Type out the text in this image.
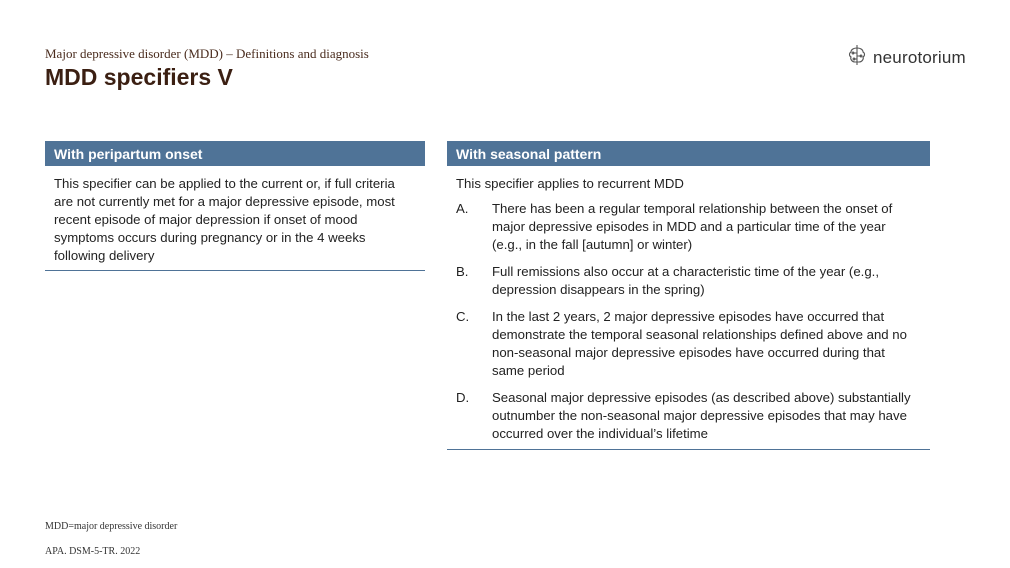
Major depressive disorder (MDD) – Definitions and diagnosis
MDD specifiers V
neurotorium
With peripartum onset
This specifier can be applied to the current or, if full criteria are not currently met for a major depressive episode, most recent episode of major depression if onset of mood symptoms occurs during pregnancy or in the 4 weeks following delivery
With seasonal pattern
This specifier applies to recurrent MDD
A.	There has been a regular temporal relationship between the onset of major depressive episodes in MDD and a particular time of the year (e.g., in the fall [autumn] or winter)
B.	Full remissions also occur at a characteristic time of the year (e.g., depression disappears in the spring)
C.	In the last 2 years, 2 major depressive episodes have occurred that demonstrate the temporal seasonal relationships defined above and no non-seasonal major depressive episodes have occurred during that same period
D.	Seasonal major depressive episodes (as described above) substantially outnumber the non-seasonal major depressive episodes that may have occurred over the individual’s lifetime
MDD=major depressive disorder
APA. DSM-5-TR. 2022
